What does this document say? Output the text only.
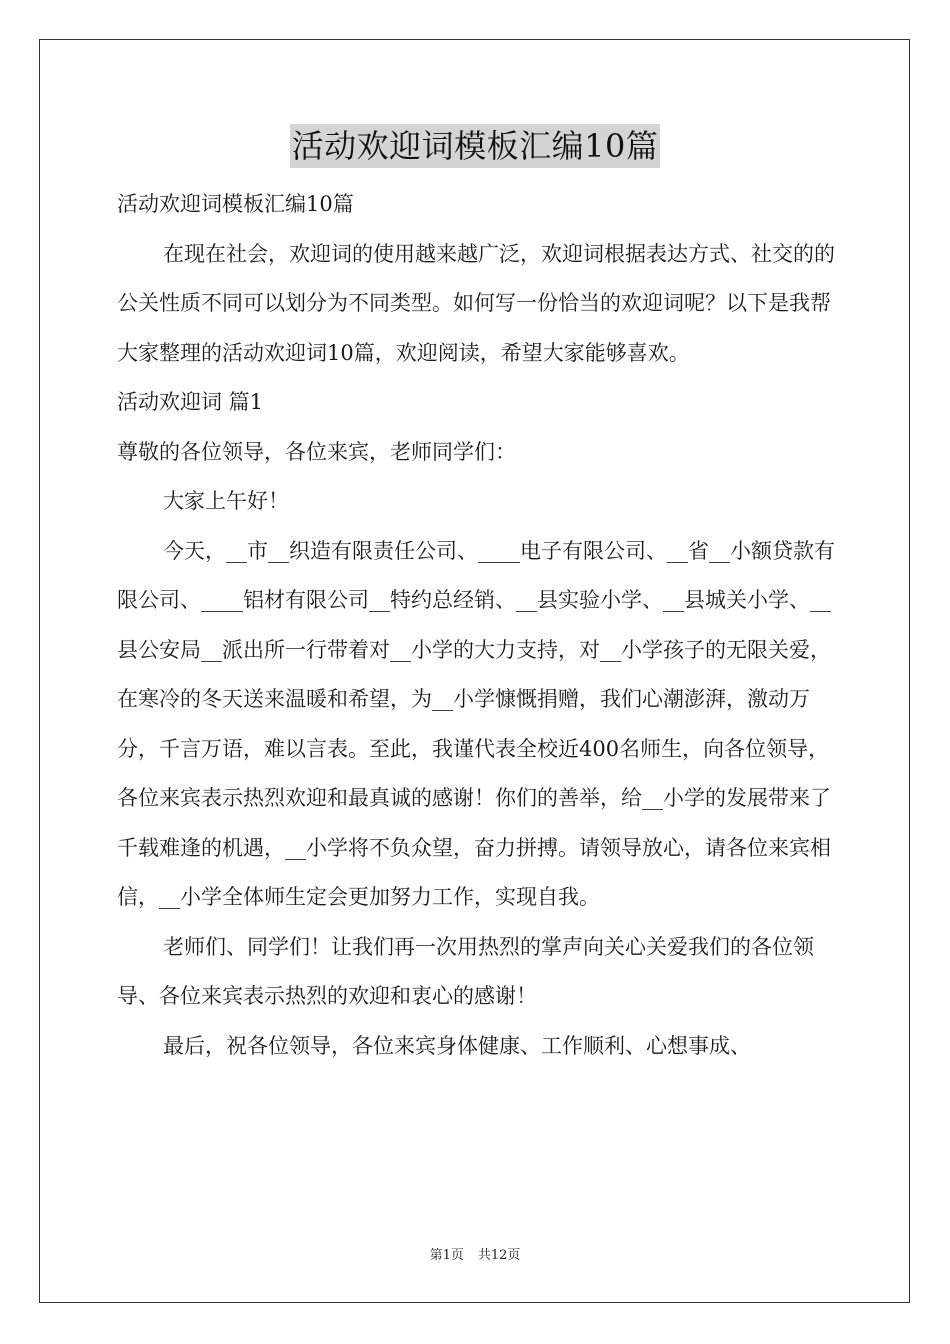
活动欢迎词模板汇编10篇

活动欢迎词模板汇编10篇

在现在社会，欢迎词的使用越来越广泛，欢迎词根据表达方式、社交的的公关性质不同可以划分为不同类型。如何写一份恰当的欢迎词呢？以下是我帮大家整理的活动欢迎词10篇，欢迎阅读，希望大家能够喜欢。

活动欢迎词 篇1

尊敬的各位领导，各位来宾，老师同学们：

大家上午好！

今天，__市__织造有限责任公司、____电子有限公司、__省__小额贷款有限公司、____铝材有限公司__特约总经销、__县实验小学、__县城关小学、__县公安局__派出所一行带着对__小学的大力支持，对__小学孩子的无限关爱，在寒冷的冬天送来温暖和希望，为__小学慷慨捐赠，我们心潮澎湃，激动万分，千言万语，难以言表。至此，我谨代表全校近400名师生，向各位领导，各位来宾表示热烈欢迎和最真诚的感谢！你们的善举，给__小学的发展带来了千载难逢的机遇，__小学将不负众望，奋力拼搏。请领导放心，请各位来宾相信，__小学全体师生定会更加努力工作，实现自我。

老师们、同学们！让我们再一次用热烈的掌声向关心关爱我们的各位领导、各位来宾表示热烈的欢迎和衷心的感谢！

最后，祝各位领导，各位来宾身体健康、工作顺利、心想事成、

第1页 共12页
